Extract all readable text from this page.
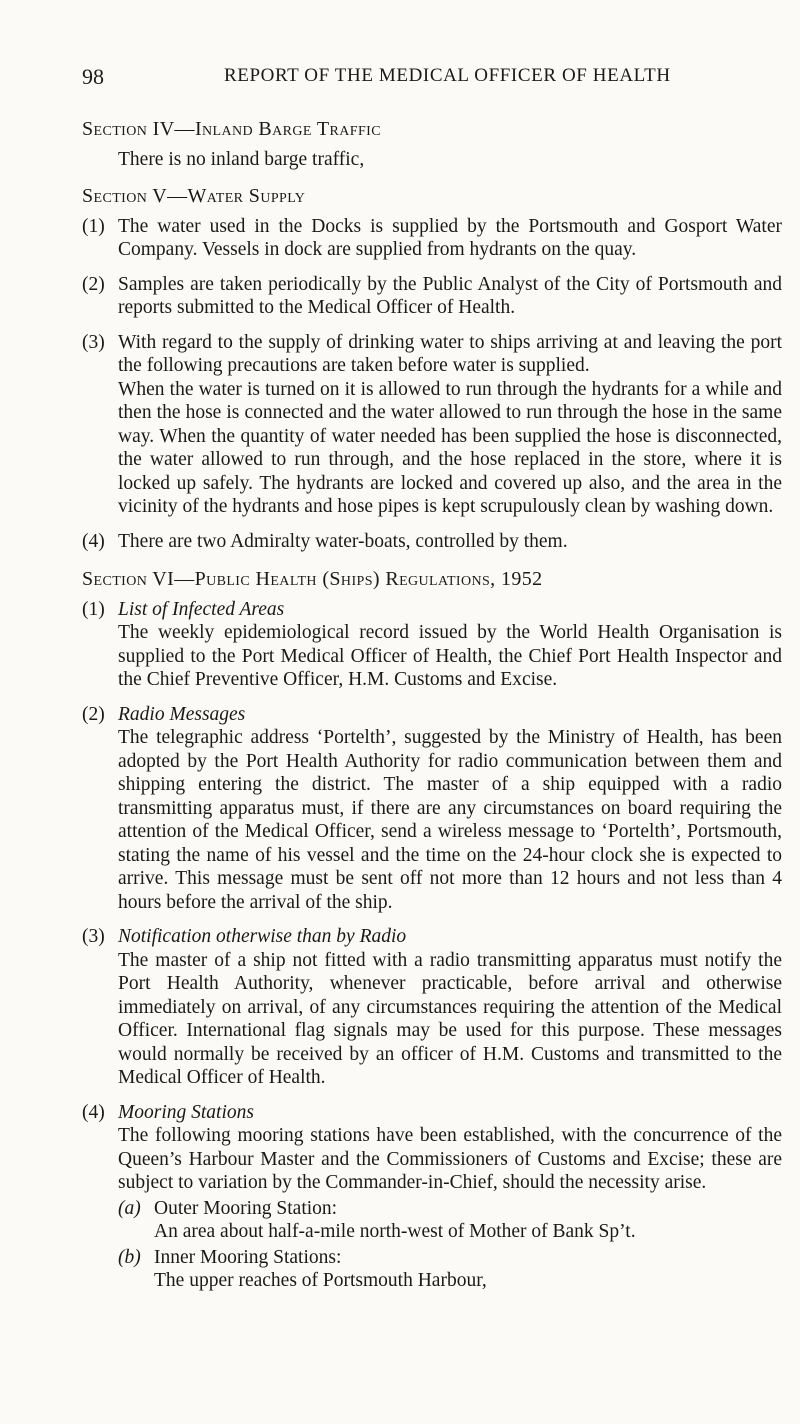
98	REPORT OF THE MEDICAL OFFICER OF HEALTH
Section IV—Inland Barge Traffic

There is no inland barge traffic,

Section V—Water Supply
(1) The water used in the Docks is supplied by the Portsmouth and Gosport Water Company. Vessels in dock are supplied from hydrants on the quay.
(2) Samples are taken periodically by the Public Analyst of the City of Portsmouth and reports submitted to the Medical Officer of Health.
(3) With regard to the supply of drinking water to ships arriving at and leaving the port the following precautions are taken before water is supplied.

When the water is turned on it is allowed to run through the hydrants for a while and then the hose is connected and the water allowed to run through the hose in the same way. When the quantity of water needed has been supplied the hose is disconnected, the water allowed to run through, and the hose replaced in the store, where it is locked up safely. The hydrants are locked and covered up also, and the area in the vicinity of the hydrants and hose pipes is kept scrupulously clean by washing down.

(4) There are two Admiralty water-boats, controlled by them.
Section VI—Public Health (Ships) Regulations, 1952
(1) List of Infected Areas

The weekly epidemiological record issued by the World Health Organisation is supplied to the Port Medical Officer of Health, the Chief Port Health Inspector and the Chief Preventive Officer, H.M. Customs and Excise.

(2) Radio Messages

The telegraphic address ‘Portelth’, suggested by the Ministry of Health, has been adopted by the Port Health Authority for radio communication between them and shipping entering the district. The master of a ship equipped with a radio transmitting apparatus must, if there are any circumstances on board requiring the attention of the Medical Officer, send a wireless message to ‘Portelth’, Portsmouth, stating the name of his vessel and the time on the 24-hour clock she is expected to arrive. This message must be sent off not more than 12 hours and not less than 4 hours before the arrival of the ship.

(3) Notification otherwise than by Radio

The master of a ship not fitted with a radio transmitting apparatus must notify the Port Health Authority, whenever practicable, before arrival and otherwise immediately on arrival, of any circumstances requiring the attention of the Medical Officer. International flag signals may be used for this purpose. These messages would normally be received by an officer of H.M. Customs and transmitted to the Medical Officer of Health.

(4) Mooring Stations

The following mooring stations have been established, with the concurrence of the Queen’s Harbour Master and the Commissioners of Customs and Excise; these are subject to variation by the Commander-in-Chief, should the necessity arise.

(a) Outer Mooring Station:

An area about half-a-mile north-west of Mother of Bank Sp’t.

(b) Inner Mooring Stations:

The upper reaches of Portsmouth Harbour,
